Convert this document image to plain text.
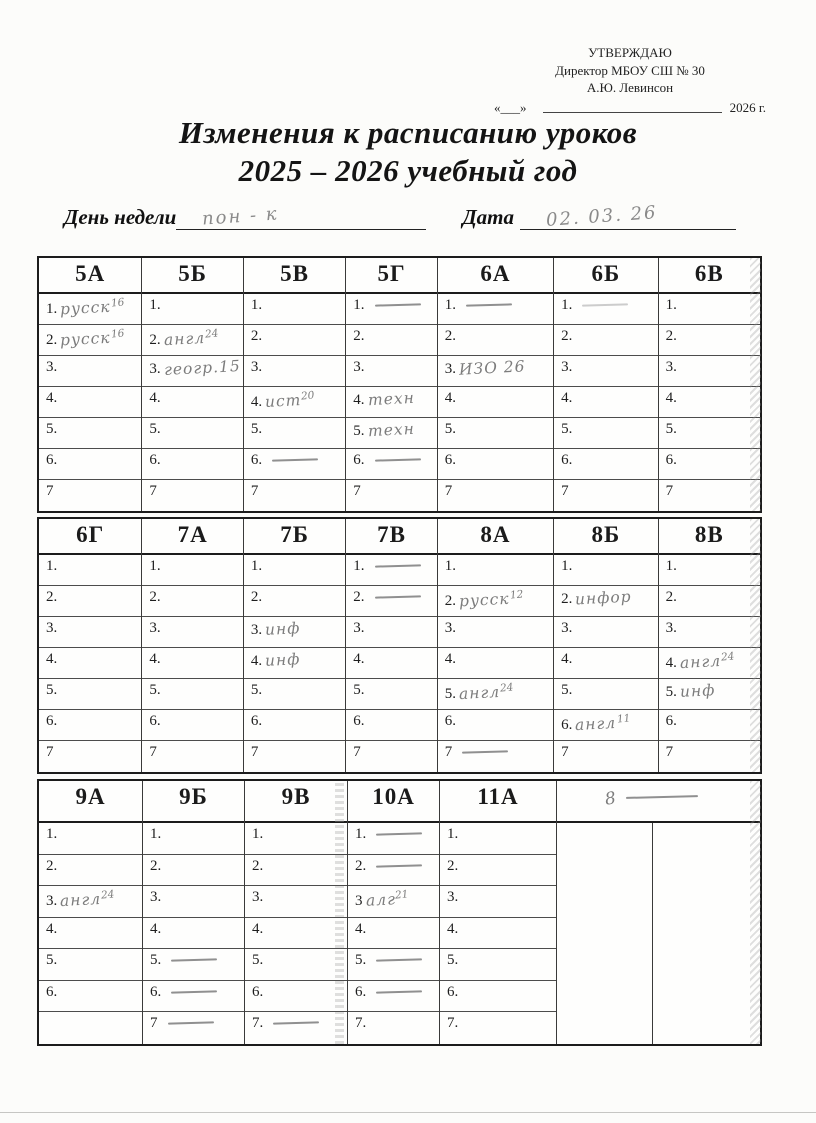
УТВЕРЖДАЮ
Директор МБОУ СШ № 30
А.Ю. Левинсон
«___»	2026 г.
Изменения к расписанию уроков
2025 – 2026 учебный год
День недели пон - к	Дата 02. 03. 26
5А
1. русск16
2. русск16
3.
4.
5.
6.
7
5Б
1.
2. англ24
3. геогр.15
4.
5.
6.
7
5В
1.
2.
3.
4. ист20
5.
6.
7
5Г
1.
2.
3.
4. техн
5. техн
6.
7
6А
1.
2.
3. ИЗО 26
4.
5.
6.
7
6Б
1.
2.
3.
4.
5.
6.
7
6В
1.
2.
3.
4.
5.
6.
7
6Г
1.
2.
3.
4.
5.
6.
7
7А
1.
2.
3.
4.
5.
6.
7
7Б
1.
2.
3. инф
4. инф
5.
6.
7
7В
1.
2.
3.
4.
5.
6.
7
8А
1.
2. русск12
3.
4.
5. англ24
6.
7
8Б
1.
2. инфор
3.
4.
5.
6. англ11
7
8В
1.
2.
3.
4. англ24
5. инф
6.
7
9А
1.
2.
3. англ24
4.
5.
6.
9Б
1.
2.
3.
4.
5.
6.
7
9В
1.
2.
3.
4.
5.
6.
7.
10А
1.
2.
3 алг21
4.
5.
6.
7.
11А
1.
2.
3.
4.
5.
6.
7.
8
